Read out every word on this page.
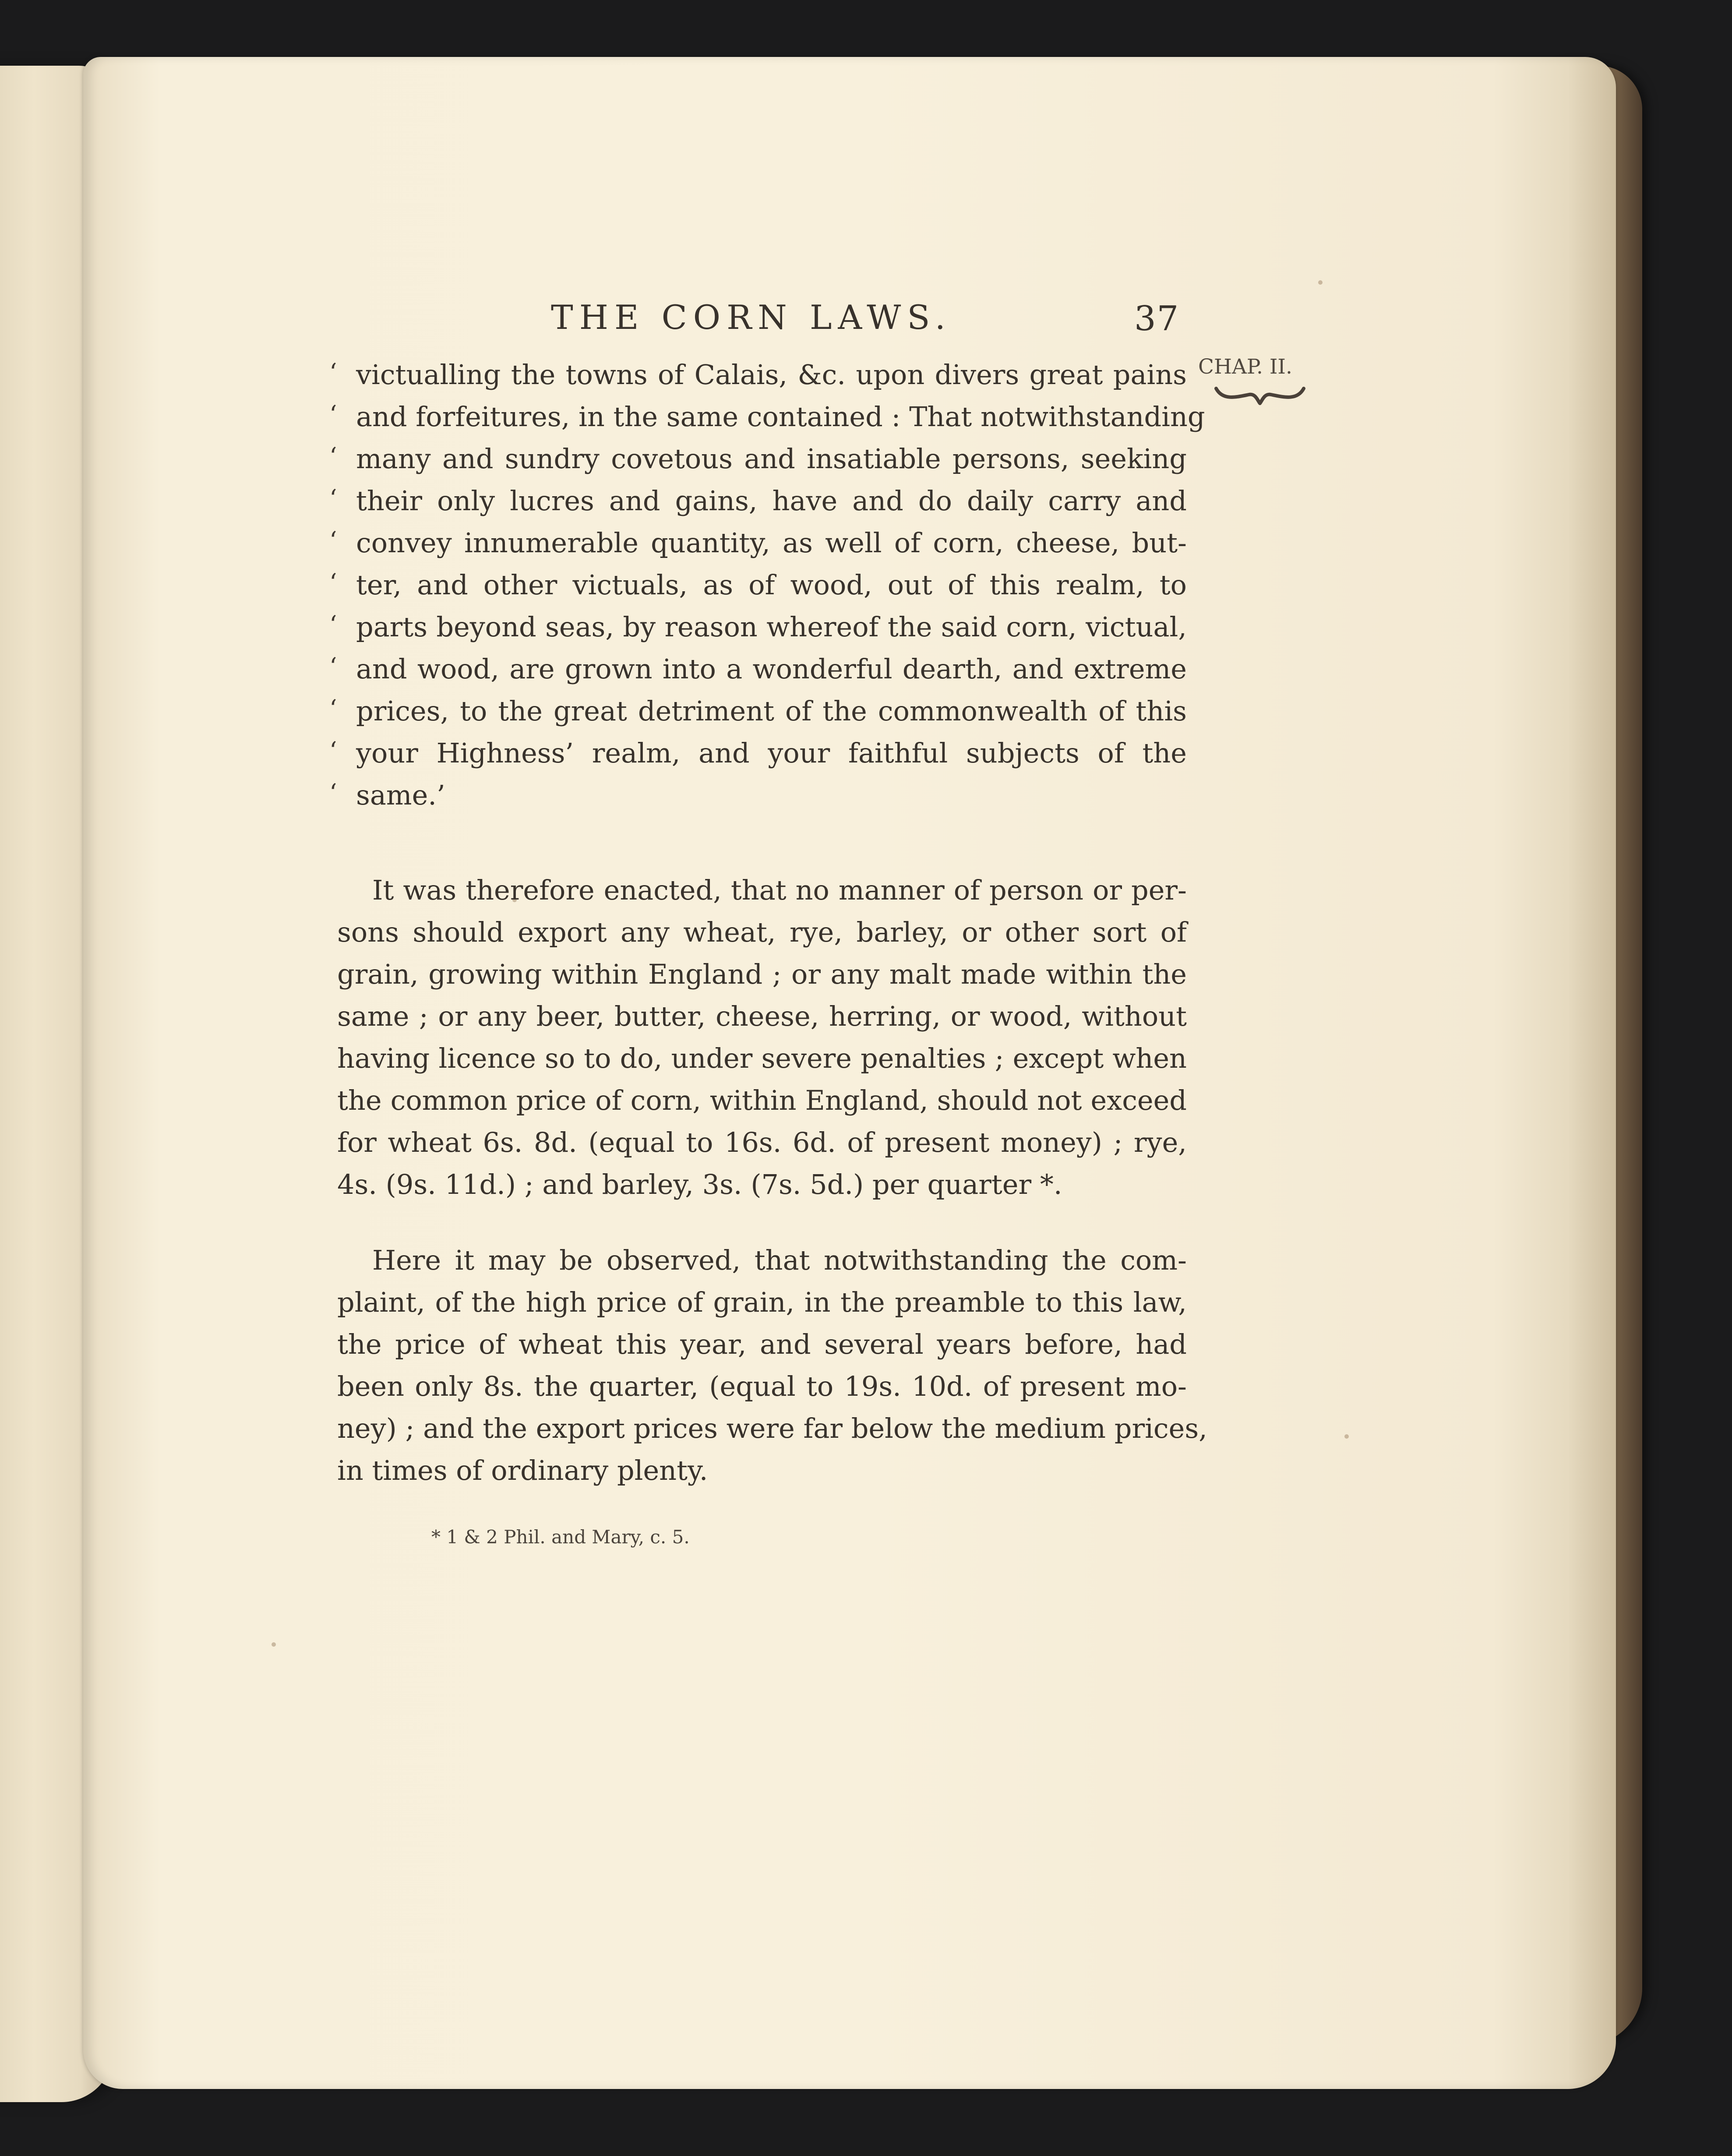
THE CORN LAWS.	37
CHAP. II.
‘ victualling the towns of Calais, &c. upon divers great pains
‘ and forfeitures, in the same contained : That notwithstanding
‘ many and sundry covetous and insatiable persons, seeking
‘ their only lucres and gains, have and do daily carry and
‘ convey innumerable quantity, as well of corn, cheese, but-
‘ ter, and other victuals, as of wood, out of this realm, to
‘ parts beyond seas, by reason whereof the said corn, victual,
‘ and wood, are grown into a wonderful dearth, and extreme
‘ prices, to the great detriment of the commonwealth of this
‘ your Highness’ realm, and your faithful subjects of the
‘ same.’
It was therefore enacted, that no manner of person or per-
sons should export any wheat, rye, barley, or other sort of
grain, growing within England ; or any malt made within the
same ; or any beer, butter, cheese, herring, or wood, without
having licence so to do, under severe penalties ; except when
the common price of corn, within England, should not exceed
for wheat 6s. 8d. (equal to 16s. 6d. of present money) ; rye,
4s. (9s. 11d.) ; and barley, 3s. (7s. 5d.) per quarter *.
Here it may be observed, that notwithstanding the com-
plaint, of the high price of grain, in the preamble to this law,
the price of wheat this year, and several years before, had
been only 8s. the quarter, (equal to 19s. 10d. of present mo-
ney) ; and the export prices were far below the medium prices,
in times of ordinary plenty.
* 1 & 2 Phil. and Mary, c. 5.
